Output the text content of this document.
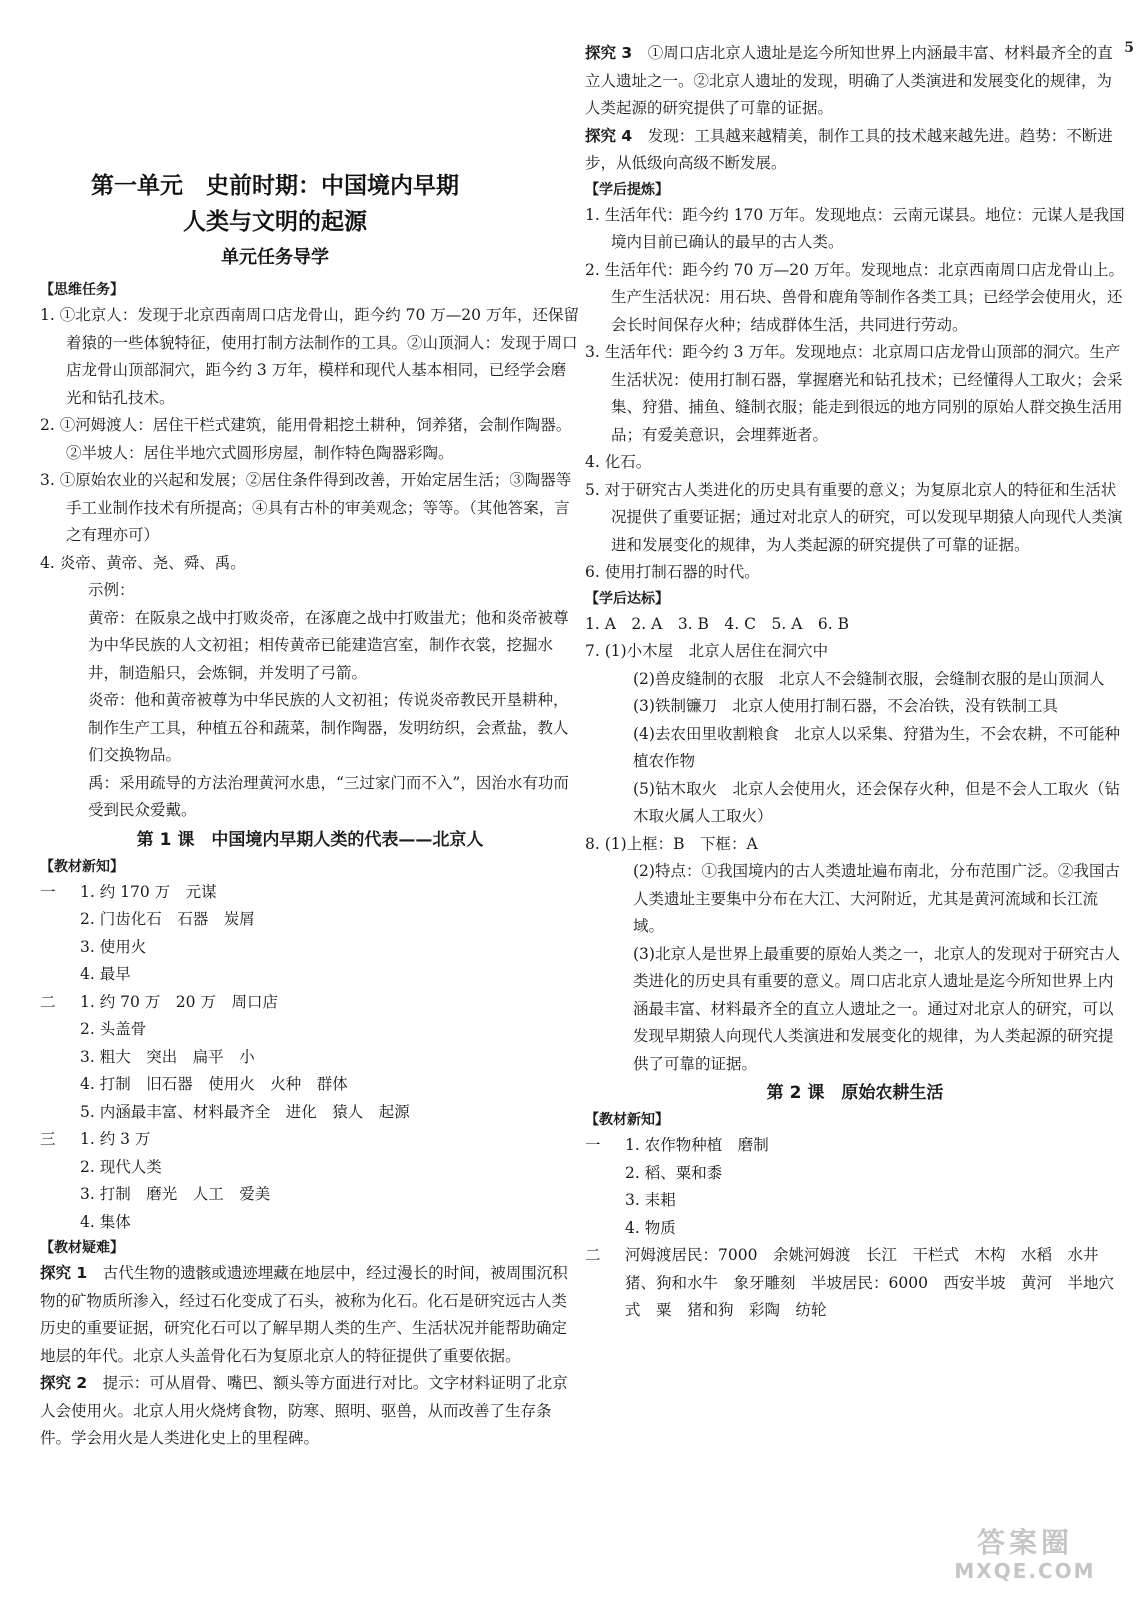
第一单元　史前时期：中国境内早期
人类与文明的起源
单元任务导学

【思维任务】

1. ①北京人：发现于北京西南周口店龙骨山，距今约 70 万—20 万年，还保留着猿的一些体貌特征，使用打制方法制作的工具。②山顶洞人：发现于周口店龙骨山顶部洞穴，距今约 3 万年，模样和现代人基本相同，已经学会磨光和钻孔技术。

2. ①河姆渡人：居住干栏式建筑，能用骨耜挖土耕种，饲养猪，会制作陶器。②半坡人：居住半地穴式圆形房屋，制作特色陶器彩陶。

3. ①原始农业的兴起和发展；②居住条件得到改善，开始定居生活；③陶器等手工业制作技术有所提高；④具有古朴的审美观念；等等。（其他答案，言之有理亦可）

4. 炎帝、黄帝、尧、舜、禹。

示例：

黄帝：在阪泉之战中打败炎帝，在涿鹿之战中打败蚩尤；他和炎帝被尊为中华民族的人文初祖；相传黄帝已能建造宫室，制作衣裳，挖掘水井，制造船只，会炼铜，并发明了弓箭。

炎帝：他和黄帝被尊为中华民族的人文初祖；传说炎帝教民开垦耕种，制作生产工具，种植五谷和蔬菜，制作陶器，发明纺织，会煮盐，教人们交换物品。

禹：采用疏导的方法治理黄河水患，“三过家门而不入”，因治水有功而受到民众爱戴。

第 1 课　中国境内早期人类的代表——北京人

【教材新知】

一	1. 约 170 万　元谋

2. 门齿化石　石器　炭屑

3. 使用火

4. 最早

二	1. 约 70 万　20 万　周口店

2. 头盖骨

3. 粗大　突出　扁平　小

4. 打制　旧石器　使用火　火种　群体

5. 内涵最丰富、材料最齐全　进化　猿人　起源

三	1. 约 3 万

2. 现代人类

3. 打制　磨光　人工　爱美

4. 集体

【教材疑难】

探究 1　 古代生物的遗骸或遗迹埋藏在地层中，经过漫长的时间，被周围沉积物的矿物质所渗入，经过石化变成了石头，被称为化石。化石是研究远古人类历史的重要证据，研究化石可以了解早期人类的生产、生活状况并能帮助确定地层的年代。北京人头盖骨化石为复原北京人的特征提供了重要依据。

探究 2　 提示：可从眉骨、嘴巴、额头等方面进行对比。文字材料证明了北京人会使用火。北京人用火烧烤食物，防寒、照明、驱兽，从而改善了生存条件。学会用火是人类进化史上的里程碑。

探究 3　 ①周口店北京人遗址是迄今所知世界上内涵最丰富、材料最齐全的直立人遗址之一。②北京人遗址的发现，明确了人类演进和发展变化的规律，为人类起源的研究提供了可靠的证据。

探究 4　 发现：工具越来越精美，制作工具的技术越来越先进。趋势：不断进步，从低级向高级不断发展。

【学后提炼】

1. 生活年代：距今约 170 万年。发现地点：云南元谋县。地位：元谋人是我国境内目前已确认的最早的古人类。

2. 生活年代：距今约 70 万—20 万年。发现地点：北京西南周口店龙骨山上。生产生活状况：用石块、兽骨和鹿角等制作各类工具；已经学会使用火，还会长时间保存火种；结成群体生活，共同进行劳动。

3. 生活年代：距今约 3 万年。发现地点：北京周口店龙骨山顶部的洞穴。生产生活状况：使用打制石器，掌握磨光和钻孔技术；已经懂得人工取火；会采集、狩猎、捕鱼、缝制衣服；能走到很远的地方同别的原始人群交换生活用品；有爱美意识，会埋葬逝者。

4. 化石。

5. 对于研究古人类进化的历史具有重要的意义；为复原北京人的特征和生活状况提供了重要证据；通过对北京人的研究，可以发现早期猿人向现代人类演进和发展变化的规律，为人类起源的研究提供了可靠的证据。

6. 使用打制石器的时代。

【学后达标】

1. A　2. A　3. B　4. C　5. A　6. B

7. (1)小木屋　北京人居住在洞穴中

(2)兽皮缝制的衣服　北京人不会缝制衣服，会缝制衣服的是山顶洞人

(3)铁制镰刀　北京人使用打制石器，不会冶铁，没有铁制工具

(4)去农田里收割粮食　北京人以采集、狩猎为生，不会农耕，不可能种植农作物

(5)钻木取火　北京人会使用火，还会保存火种，但是不会人工取火（钻木取火属人工取火）

8. (1)上框：B　下框：A

(2)特点：①我国境内的古人类遗址遍布南北，分布范围广泛。②我国古人类遗址主要集中分布在大江、大河附近，尤其是黄河流域和长江流域。

(3)北京人是世界上最重要的原始人类之一，北京人的发现对于研究古人类进化的历史具有重要的意义。周口店北京人遗址是迄今所知世界上内涵最丰富、材料最齐全的直立人遗址之一。通过对北京人的研究，可以发现早期猿人向现代人类演进和发展变化的规律，为人类起源的研究提供了可靠的证据。

第 2 课　原始农耕生活

【教材新知】

一	1. 农作物种植　磨制

2. 稻、粟和黍

3. 耒耜

4. 物质

二	河姆渡居民：7000　余姚河姆渡　长江　干栏式　木构　水稻　水井　猪、狗和水牛　象牙雕刻　半坡居民：6000　西安半坡　黄河　半地穴式　粟　猪和狗　彩陶　纺轮
5
答案圈
MXQE.COM
